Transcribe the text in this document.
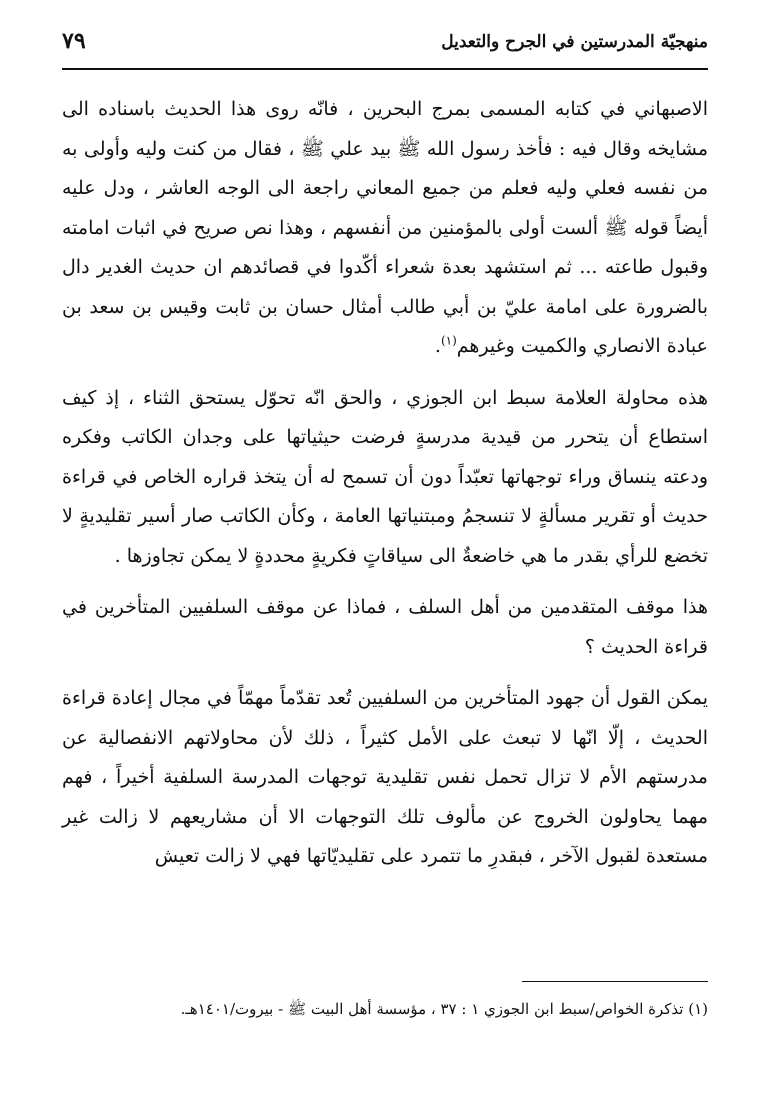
منهجيّة المدرستين في الجرح والتعديل
٧٩

الاصبهاني في كتابه المسمى بمرج البحرين ، فانّه روى هذا الحديث باسناده الى مشايخه وقال فيه : فأخذ رسول الله ﷺ بيد علي ﷺ ، فقال من كنت وليه وأولى به من نفسه فعلي وليه فعلم من جميع المعاني راجعة الى الوجه العاشر ، ودل عليه أيضاً قوله ﷺ ألست أولى بالمؤمنين من أنفسهم ، وهذا نص صريح في اثبات امامته وقبول طاعته ... ثم استشهد بعدة شعراء أكّدوا في قصائدهم ان حديث الغدير دال بالضرورة على امامة عليّ بن أبي طالب أمثال حسان بن ثابت وقيس بن سعد بن عبادة الانصاري والكميت وغيرهم$^{(١)}$.

هذه محاولة العلامة سبط ابن الجوزي ، والحق انّه تحوّل يستحق الثناء ، إذ كيف استطاع أن يتحرر من قيدية مدرسةٍ فرضت حيثياتها على وجدان الكاتب وفكره ودعته ينساق وراء توجهاتها تعبّداً دون أن تسمح له أن يتخذ قراره الخاص في قراءة حديث أو تقرير مسألةٍ لا تنسجمُ ومبتنياتها العامة ، وكأن الكاتب صار أسير تقليديةٍ لا تخضع للرأي بقدر ما هي خاضعةٌ الى سياقاتٍ فكريةٍ محددةٍ لا يمكن تجاوزها .

هذا موقف المتقدمين من أهل السلف ، فماذا عن موقف السلفيين المتأخرين في قراءة الحديث ؟

يمكن القول أن جهود المتأخرين من السلفيين تُعد تقدّماً مهمّاً في مجال إعادة قراءة الحديث ، إلّا انّها لا تبعث على الأمل كثيراً ، ذلك لأن محاولاتهم الانفصالية عن مدرستهم الأم لا تزال تحمل نفس تقليدية توجهات المدرسة السلفية أخيراً ، فهم مهما يحاولون الخروج عن مألوف تلك التوجهات الا أن مشاريعهم لا زالت غير مستعدة لقبول الآخر ، فبقدرِ ما تتمرد على تقليديّاتها فهي لا زالت تعيش

(١) تذكرة الخواص/سبط ابن الجوزي ١ : ٣٧ ، مؤسسة أهل البيت ﷺ - بيروت/١٤٠١هـ.
